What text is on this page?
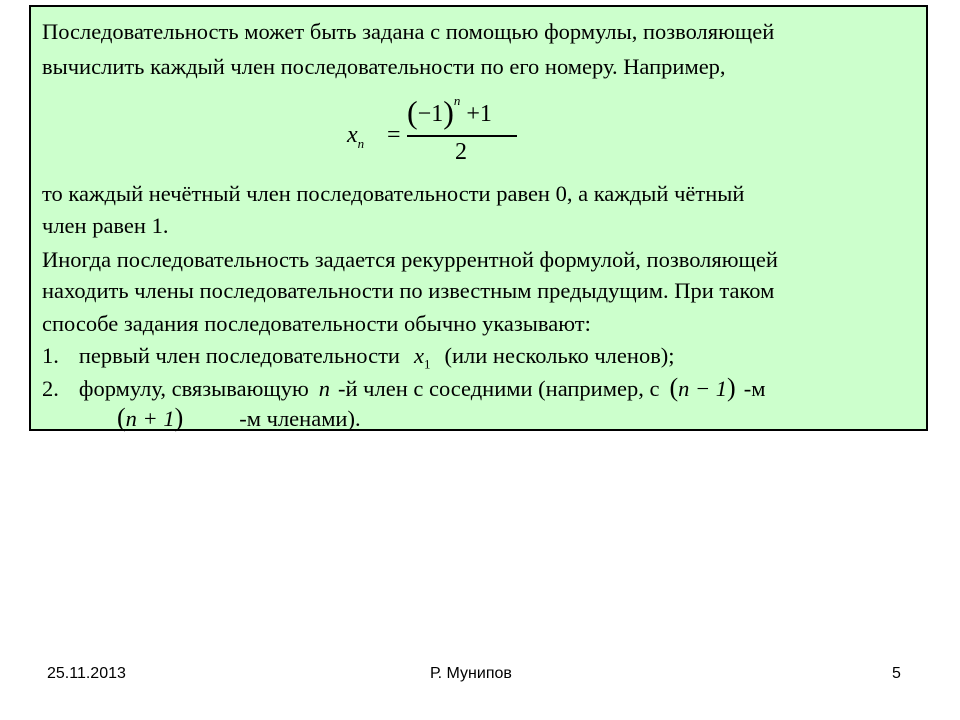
Последовательность может быть задана с помощью формулы, позволяющей
вычислить каждый член последовательности по его номеру. Например,
$x_n$ =
$(-1)^n +1$
2
то каждый нечётный член последовательности равен 0, а каждый чётный
член равен 1.
Иногда последовательность задается рекуррентной формулой, позволяющей
находить члены последовательности по известным предыдущим. При таком
способе задания последовательности обычно указывают:
1. первый член последовательности $x_1$ (или несколько членов);
2. формулу, связывающую n -й член с соседними (например, с (n − 1) -м
(n + 1) -м членами).
25.11.2013	Р. Мунипов	5
